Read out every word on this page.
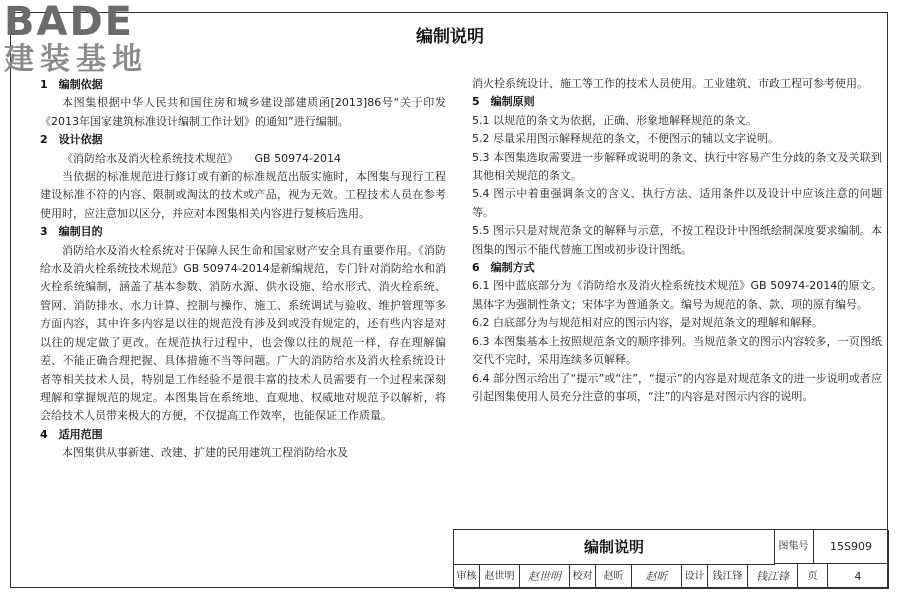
BADE
建装基地
编制说明

1　编制依据

本图集根据中华人民共和国住房和城乡建设部建质函[2013]86号“关于印发《2013年国家建筑标准设计编制工作计划》的通知”进行编制。

2　设计依据

《消防给水及消火栓系统技术规范》　　GB 50974-2014

当依据的标准规范进行修订或有新的标准规范出版实施时，本图集与现行工程建设标准不符的内容、限制或淘汰的技术或产品，视为无效。工程技术人员在参考使用时，应注意加以区分，并应对本图集相关内容进行复核后选用。

3　编制目的

消防给水及消火栓系统对于保障人民生命和国家财产安全具有重要作用。《消防给水及消火栓系统技术规范》GB 50974-2014是新编规范，专门针对消防给水和消火栓系统编制，涵盖了基本参数、消防水源、供水设施、给水形式、消火栓系统、管网、消防排水、水力计算、控制与操作、施工、系统调试与验收、维护管理等多方面内容，其中许多内容是以往的规范没有涉及到或没有规定的，还有些内容是对以往的规定做了更改。在规范执行过程中，也会像以往的规范一样，存在理解偏差、不能正确合理把握、具体措施不当等问题。广大的消防给水及消火栓系统设计者等相关技术人员，特别是工作经验不是很丰富的技术人员需要有一个过程来深刻理解和掌握规范的规定。本图集旨在系统地、直观地、权威地对规范予以解析，将会给技术人员带来极大的方便，不仅提高工作效率，也能保证工作质量。

4　适用范围

本图集供从事新建、改建、扩建的民用建筑工程消防给水及

消火栓系统设计、施工等工作的技术人员使用。工业建筑、市政工程可参考使用。

5　编制原则

5.1 以规范的条文为依据，正确、形象地解释规范的条文。

5.2 尽量采用图示解释规范的条文，不便图示的辅以文字说明。

5.3 本图集选取需要进一步解释或说明的条文、执行中容易产生分歧的条文及关联到其他相关规范的条文。

5.4 图示中着重强调条文的含义、执行方法、适用条件以及设计中应该注意的问题等。

5.5 图示只是对规范条文的解释与示意，不按工程设计中图纸绘制深度要求编制。本图集的图示不能代替施工图或初步设计图纸。

6　编制方式

6.1 图中蓝底部分为《消防给水及消火栓系统技术规范》GB 50974-2014的原文。黑体字为强制性条文；宋体字为普通条文。编号为规范的条、款、项的原有编号。

6.2 白底部分为与规范相对应的图示内容，是对规范条文的理解和解释。

6.3 本图集基本上按照规范条文的顺序排列。当规范条文的图示内容较多，一页图纸交代不完时，采用连续多页解释。

6.4 部分图示给出了“提示”或“注”，“提示”的内容是对规范条文的进一步说明或者应引起图集使用人员充分注意的事项，“注”的内容是对图示内容的说明。

编制说明	图集号	15S909
审核 赵世明	赵世明	校对	赵昕	赵昕	设计 钱江锋	钱江锋	页	4
